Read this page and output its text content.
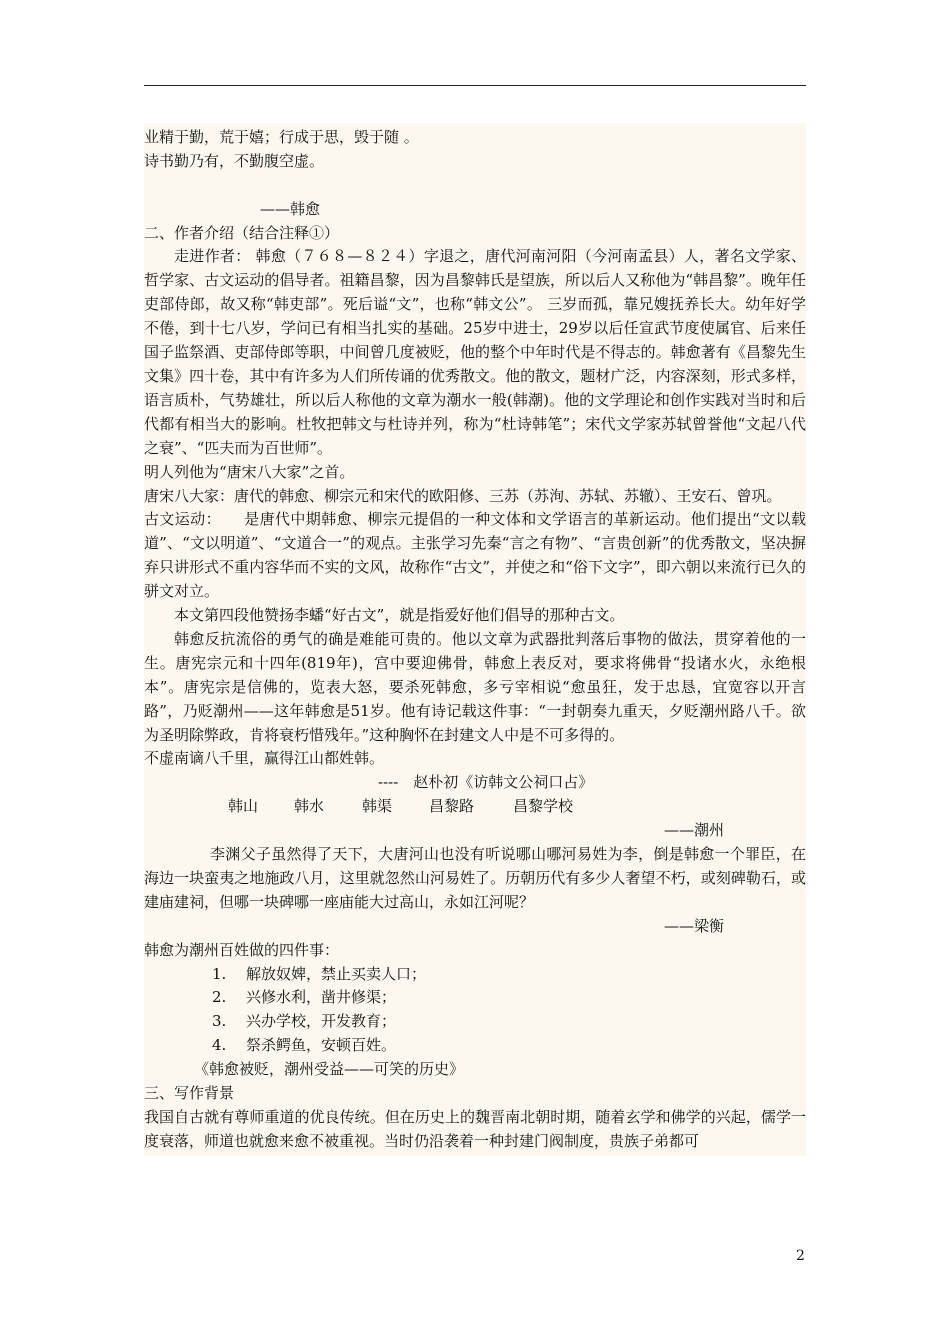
业精于勤，荒于嬉；行成于思，毁于随 。
诗书勤乃有，不勤腹空虚。
——韩愈
二、作者介绍（结合注释①）
走进作者： 韩愈（７６８—８２４）字退之，唐代河南河阳（今河南孟县）人，著名文学家、哲学家、古文运动的倡导者。祖籍昌黎，因为昌黎韩氏是望族，所以后人又称他为“韩昌黎”。晚年任吏部侍郎，故又称“韩吏部”。死后谥“文”，也称“韩文公”。 三岁而孤，靠兄嫂抚养长大。幼年好学不倦，到十七八岁，学问已有相当扎实的基础。25岁中进士，29岁以后任宣武节度使属官、后来任国子监祭酒、吏部侍郎等职，中间曾几度被贬，他的整个中年时代是不得志的。韩愈著有《昌黎先生文集》四十卷，其中有许多为人们所传诵的优秀散文。他的散文，题材广泛，内容深刻，形式多样，语言质朴，气势雄壮，所以后人称他的文章为潮水一般(韩潮)。他的文学理论和创作实践对当时和后代都有相当大的影响。杜牧把韩文与杜诗并列，称为“杜诗韩笔”；宋代文学家苏轼曾誉他“文起八代之衰”、“匹夫而为百世师”。
明人列他为“唐宋八大家”之首。
唐宋八大家：唐代的韩愈、柳宗元和宋代的欧阳修、三苏（苏洵、苏轼、苏辙）、王安石、曾巩。
古文运动：　　是唐代中期韩愈、柳宗元提倡的一种文体和文学语言的革新运动。他们提出“文以载道”、“文以明道”、“文道合一”的观点。主张学习先秦“言之有物”、“言贵创新”的优秀散文，坚决摒弃只讲形式不重内容华而不实的文风，故称作“古文”，并使之和“俗下文字”，即六朝以来流行已久的骈文对立。
本文第四段他赞扬李蟠“好古文”，就是指爱好他们倡导的那种古文。
韩愈反抗流俗的勇气的确是难能可贵的。他以文章为武器批判落后事物的做法，贯穿着他的一生。唐宪宗元和十四年(819年)，宫中要迎佛骨，韩愈上表反对，要求将佛骨“投诸水火，永绝根本”。唐宪宗是信佛的，览表大怒，要杀死韩愈，多亏宰相说“愈虽狂，发于忠恳，宜宽容以开言路”，乃贬潮州——这年韩愈是51岁。他有诗记载这件事：“一封朝奏九重天，夕贬潮州路八千。欲为圣明除弊政，肯将衰朽惜残年。”这种胸怀在封建文人中是不可多得的。
不虚南谪八千里，赢得江山都姓韩。
----　赵朴初《访韩文公祠口占》
韩山 韩水	韩渠 昌黎路	昌黎学校
——潮州
李渊父子虽然得了天下，大唐河山也没有听说哪山哪河易姓为李，倒是韩愈一个罪臣，在海边一块蛮夷之地施政八月，这里就忽然山河易姓了。历朝历代有多少人奢望不朽，或刻碑勒石，或建庙建祠，但哪一块碑哪一座庙能大过高山，永如江河呢？
——梁衡
韩愈为潮州百姓做的四件事：
1. 解放奴婢，禁止买卖人口；
2. 兴修水利，凿井修渠；
3. 兴办学校，开发教育；
4. 祭杀鳄鱼，安顿百姓。
《韩愈被贬，潮州受益——可笑的历史》
三、写作背景
我国自古就有尊师重道的优良传统。但在历史上的魏晋南北朝时期，随着玄学和佛学的兴起，儒学一度衰落，师道也就愈来愈不被重视。当时仍沿袭着一种封建门阀制度，贵族子弟都可
2
